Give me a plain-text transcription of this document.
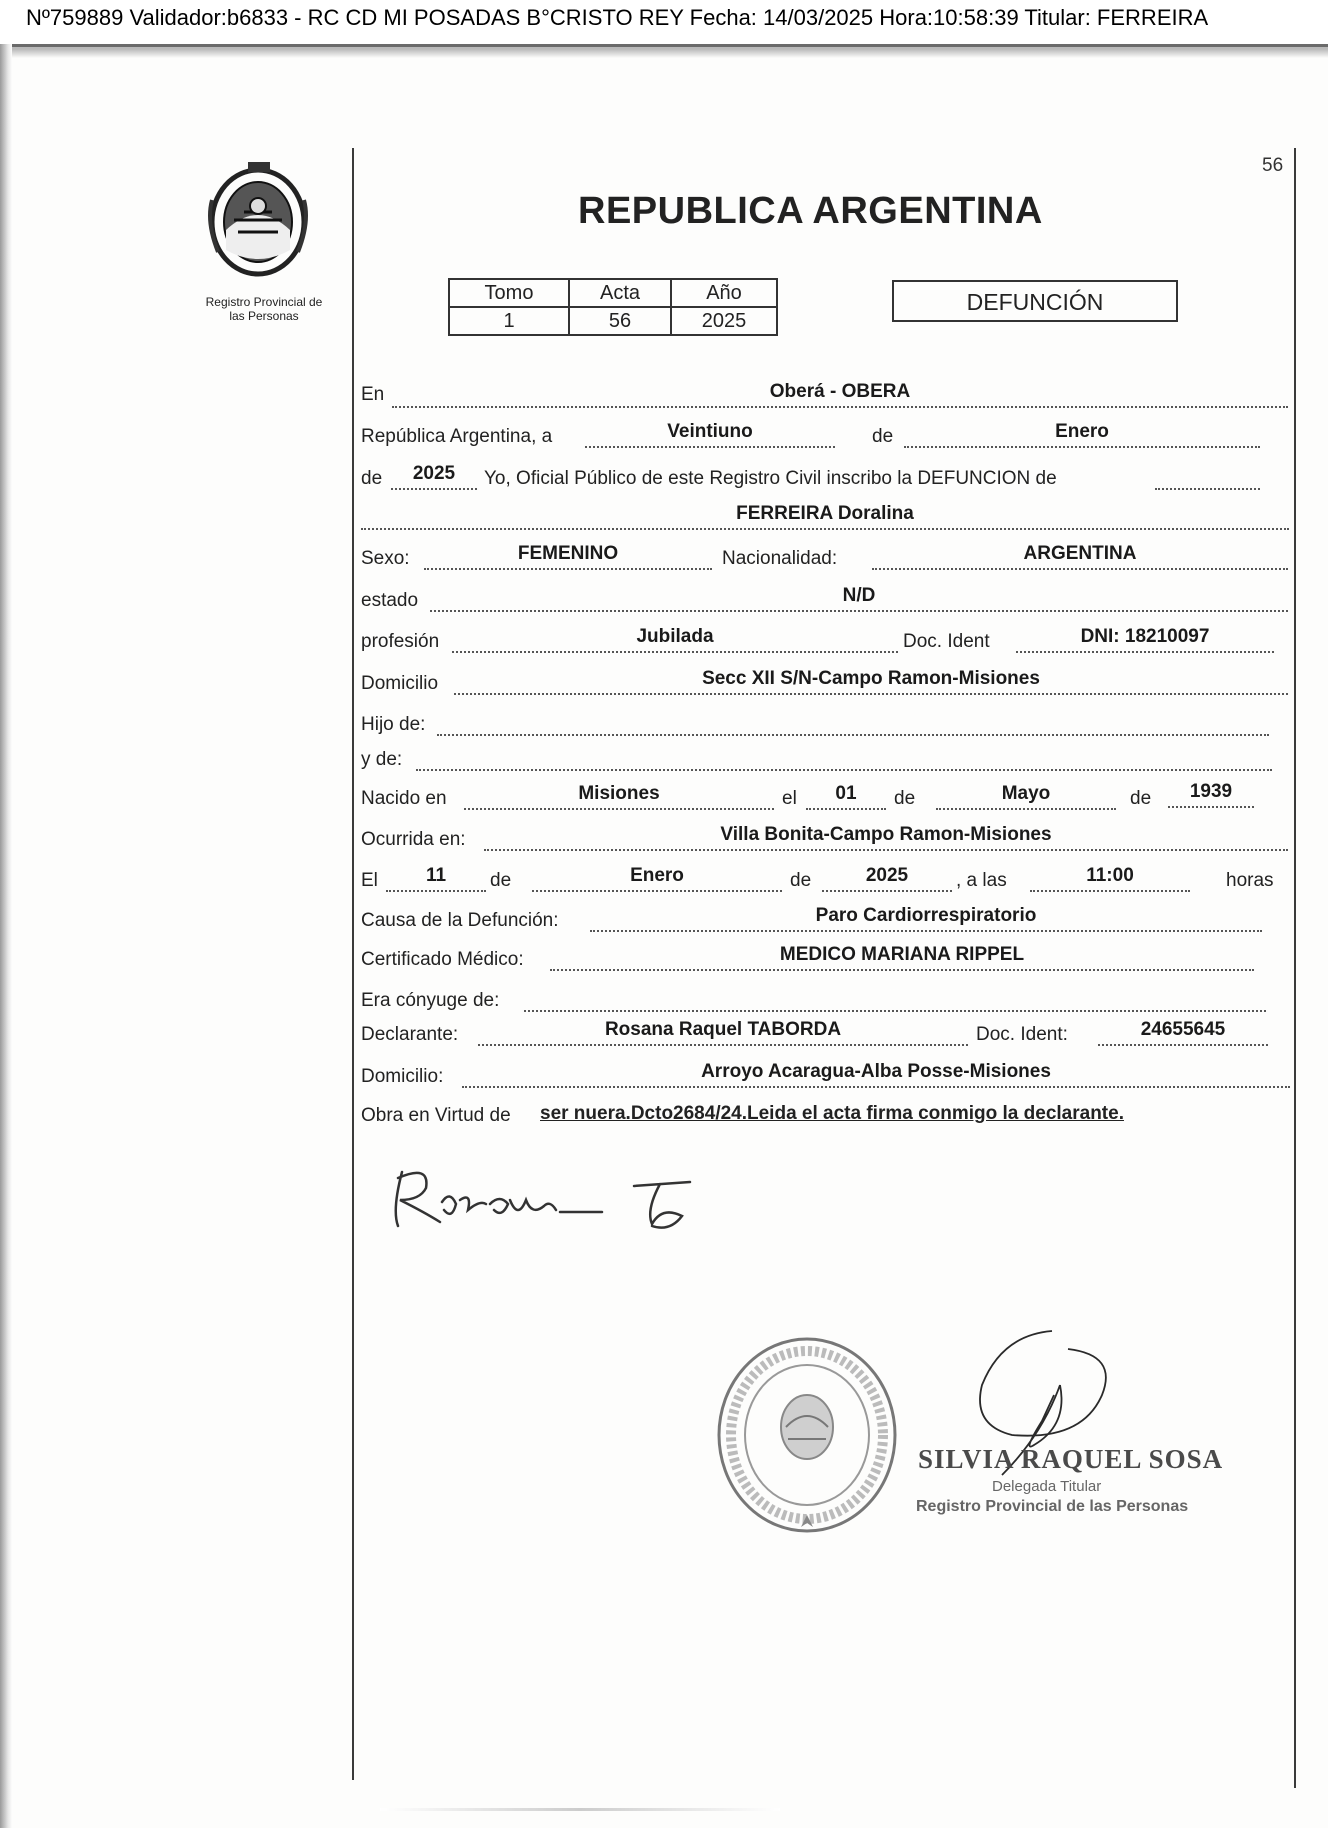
Nº759889 Validador:b6833 - RC CD MI POSADAS B°CRISTO REY Fecha: 14/03/2025 Hora:10:58:39 Titular: FERREIRA
56
Registro Provincial de
las Personas
REPUBLICA ARGENTINA
Tomo	Acta	Año
1	56	2025
DEFUNCIÓN
En	Oberá - OBERA
República Argentina, a	Veintiuno	de	Enero
de	2025	Yo, Oficial Público de este Registro Civil inscribo la DEFUNCION de
FERREIRA Doralina
Sexo:	FEMENINO	Nacionalidad:	ARGENTINA
estado	N/D
profesión	Jubilada	Doc. Ident	DNI: 18210097
Domicilio	Secc XII S/N-Campo Ramon-Misiones
Hijo de:
y de:
Nacido en	Misiones	el	01	de	Mayo	de	1939
Ocurrida en:	Villa Bonita-Campo Ramon-Misiones
El	11	de	Enero	de	2025	, a las	11:00	horas
Causa de la Defunción:	Paro Cardiorrespiratorio
Certificado Médico:	MEDICO MARIANA RIPPEL
Era cónyuge de:
Declarante:	Rosana Raquel TABORDA	Doc. Ident:	24655645
Domicilio:	Arroyo Acaragua-Alba Posse-Misiones
Obra en Virtud de ser nuera.Dcto2684/24.Leida el acta firma conmigo la declarante.
SILVIA RAQUEL SOSA
Delegada Titular
Registro Provincial de las Personas
